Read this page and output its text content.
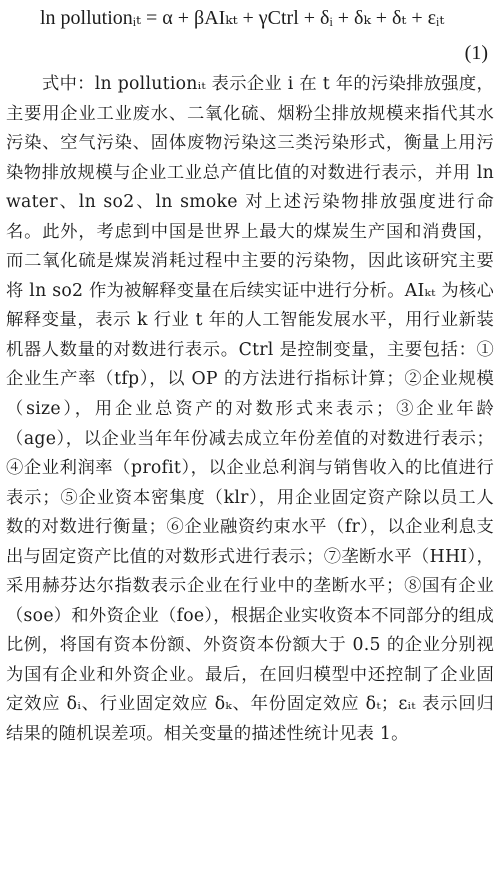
ln pollutionᵢₜ = α + βAIₖₜ + γCtrl + δᵢ + δₖ + δₜ + εᵢₜ
(1)

式中：ln pollutionᵢₜ 表示企业 i 在 t 年的污染排放强度，主要用企业工业废水、二氧化硫、烟粉尘排放规模来指代其水污染、空气污染、固体废物污染这三类污染形式，衡量上用污染物排放规模与企业工业总产值比值的对数进行表示，并用 ln water、ln so2、ln smoke 对上述污染物排放强度进行命名。此外，考虑到中国是世界上最大的煤炭生产国和消费国，而二氧化硫是煤炭消耗过程中主要的污染物，因此该研究主要将 ln so2 作为被解释变量在后续实证中进行分析。AIₖₜ 为核心解释变量，表示 k 行业 t 年的人工智能发展水平，用行业新装机器人数量的对数进行表示。Ctrl 是控制变量，主要包括：①企业生产率（tfp），以 OP 的方法进行指标计算；②企业规模（size），用企业总资产的对数形式来表示；③企业年龄（age），以企业当年年份减去成立年份差值的对数进行表示；④企业利润率（profit），以企业总利润与销售收入的比值进行表示；⑤企业资本密集度（klr），用企业固定资产除以员工人数的对数进行衡量；⑥企业融资约束水平（fr），以企业利息支出与固定资产比值的对数形式进行表示；⑦垄断水平（HHI），采用赫芬达尔指数表示企业在行业中的垄断水平；⑧国有企业（soe）和外资企业（foe），根据企业实收资本不同部分的组成比例，将国有资本份额、外资资本份额大于 0.5 的企业分别视为国有企业和外资企业。最后，在回归模型中还控制了企业固定效应 δᵢ、行业固定效应 δₖ、年份固定效应 δₜ；εᵢₜ 表示回归结果的随机误差项。相关变量的描述性统计见表 1。
